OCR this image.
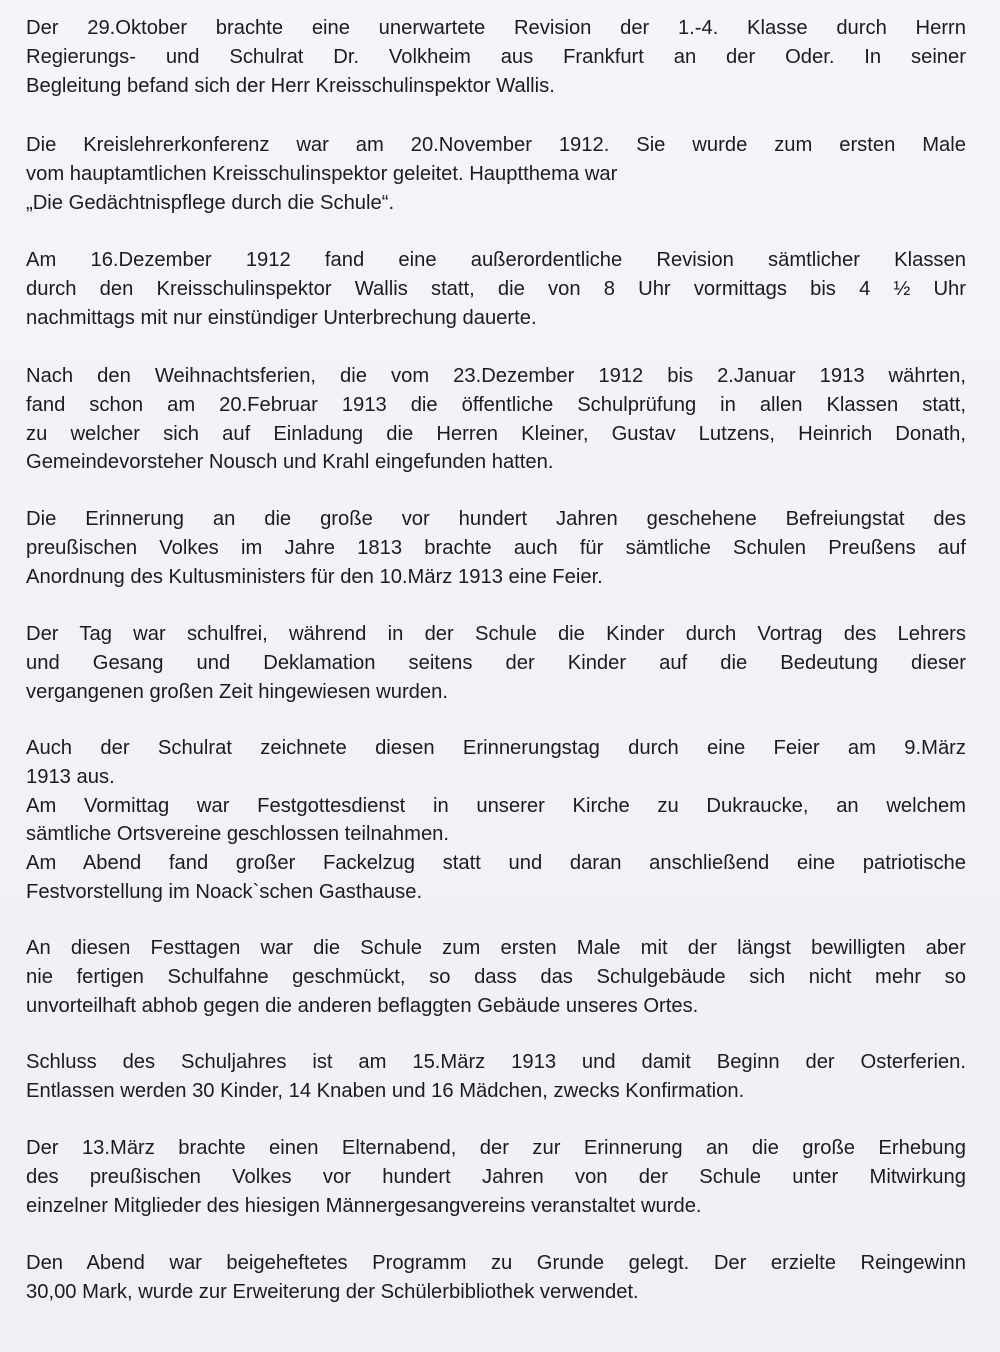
Der 29.Oktober brachte eine unerwartete Revision der 1.-4. Klasse durch Herrn
Regierungs- und Schulrat Dr. Volkheim aus Frankfurt an der Oder. In seiner
Begleitung befand sich der Herr Kreisschulinspektor Wallis.

Die Kreislehrerkonferenz war am 20.November 1912. Sie wurde zum ersten Male
vom hauptamtlichen Kreisschulinspektor geleitet. Hauptthema war
„Die Gedächtnispflege durch die Schule“.

Am 16.Dezember 1912 fand eine außerordentliche Revision sämtlicher Klassen
durch den Kreisschulinspektor Wallis statt, die von 8 Uhr vormittags bis 4 ½ Uhr
nachmittags mit nur einstündiger Unterbrechung dauerte.

Nach den Weihnachtsferien, die vom 23.Dezember 1912 bis 2.Januar 1913 währten,
fand schon am 20.Februar 1913 die öffentliche Schulprüfung in allen Klassen statt,
zu welcher sich auf Einladung die Herren Kleiner, Gustav Lutzens, Heinrich Donath,
Gemeindevorsteher Nousch und Krahl eingefunden hatten.

Die Erinnerung an die große vor hundert Jahren geschehene Befreiungstat des
preußischen Volkes im Jahre 1813 brachte auch für sämtliche Schulen Preußens auf
Anordnung des Kultusministers für den 10.März 1913 eine Feier.

Der Tag war schulfrei, während in der Schule die Kinder durch Vortrag des Lehrers
und Gesang und Deklamation seitens der Kinder auf die Bedeutung dieser
vergangenen großen Zeit hingewiesen wurden.

Auch der Schulrat zeichnete diesen Erinnerungstag durch eine Feier am 9.März
1913 aus.
Am Vormittag war Festgottesdienst in unserer Kirche zu Dukraucke, an welchem
sämtliche Ortsvereine geschlossen teilnahmen.
Am Abend fand großer Fackelzug statt und daran anschließend eine patriotische
Festvorstellung im Noack`schen Gasthause.

An diesen Festtagen war die Schule zum ersten Male mit der längst bewilligten aber
nie fertigen Schulfahne geschmückt, so dass das Schulgebäude sich nicht mehr so
unvorteilhaft abhob gegen die anderen beflaggten Gebäude unseres Ortes.

Schluss des Schuljahres ist am 15.März 1913 und damit Beginn der Osterferien.
Entlassen werden 30 Kinder, 14 Knaben und 16 Mädchen, zwecks Konfirmation.

Der 13.März brachte einen Elternabend, der zur Erinnerung an die große Erhebung
des preußischen Volkes vor hundert Jahren von der Schule unter Mitwirkung
einzelner Mitglieder des hiesigen Männergesangvereins veranstaltet wurde.

Den Abend war beigeheftetes Programm zu Grunde gelegt. Der erzielte Reingewinn
30,00 Mark, wurde zur Erweiterung der Schülerbibliothek verwendet.
